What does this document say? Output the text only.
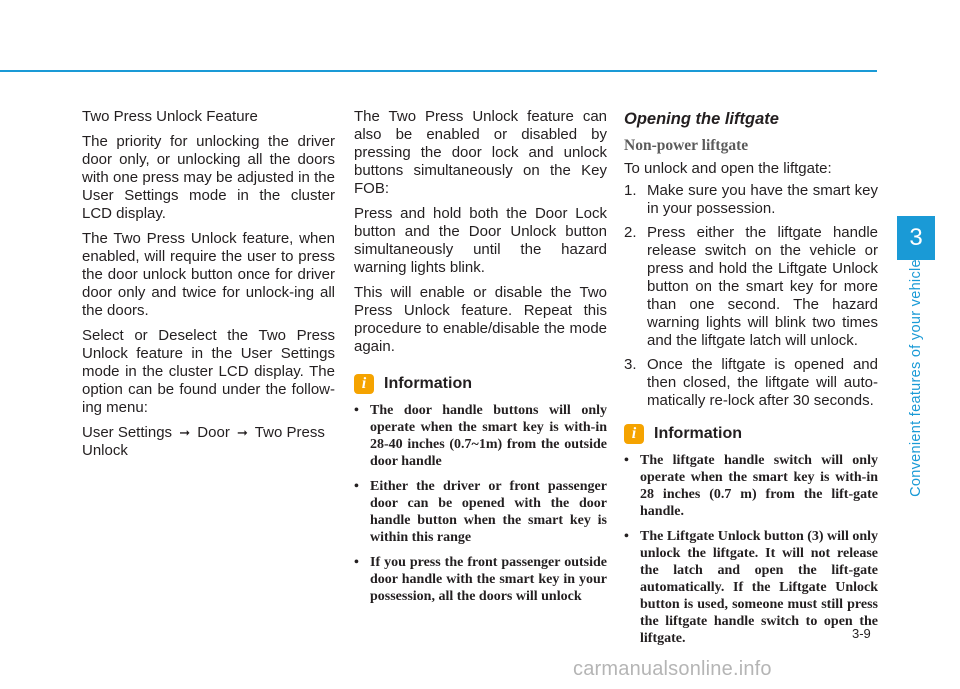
Two Press Unlock Feature

The priority for unlocking the driver door only, or unlocking all the doors with one press may be adjusted in the User Settings mode in the cluster LCD display.

The Two Press Unlock feature, when enabled, will require the user to press the door unlock button once for driver door only and twice for unlock-ing all the doors.

Select or Deselect the Two Press Unlock feature in the User Settings mode in the cluster LCD display. The option can be found under the follow-ing menu:

User Settings ➞ Door ➞ Two Press Unlock

The Two Press Unlock feature can also be enabled or disabled by pressing the door lock and unlock buttons simultaneously on the Key FOB:

Press and hold both the Door Lock button and the Door Unlock button simultaneously until the hazard warning lights blink.

This will enable or disable the Two Press Unlock feature. Repeat this procedure to enable/disable the mode again.

i	Information
• The door handle buttons will only operate when the smart key is with-in 28-40 inches (0.7~1m) from the outside door handle
• Either the driver or front passenger door can be opened with the door handle button when the smart key is within this range
• If you press the front passenger outside door handle with the smart key in your possession, all the doors will unlock
Opening the liftgate
Non-power liftgate

To unlock and open the liftgate:

1. Make sure you have the smart key in your possession.
2. Press either the liftgate handle release switch on the vehicle or press and hold the Liftgate Unlock button on the smart key for more than one second. The hazard warning lights will blink two times and the liftgate latch will unlock.
3. Once the liftgate is opened and then closed, the liftgate will auto-matically re-lock after 30 seconds.
i	Information
• The liftgate handle switch will only operate when the smart key is with-in 28 inches (0.7 m) from the lift-gate handle.
• The Liftgate Unlock button (3) will only unlock the liftgate. It will not release the latch and open the lift-gate automatically. If the Liftgate Unlock button is used, someone must still press the liftgate handle switch to open the liftgate.
3
Convenient features of your vehicle
3-9
carmanualsonline.info
